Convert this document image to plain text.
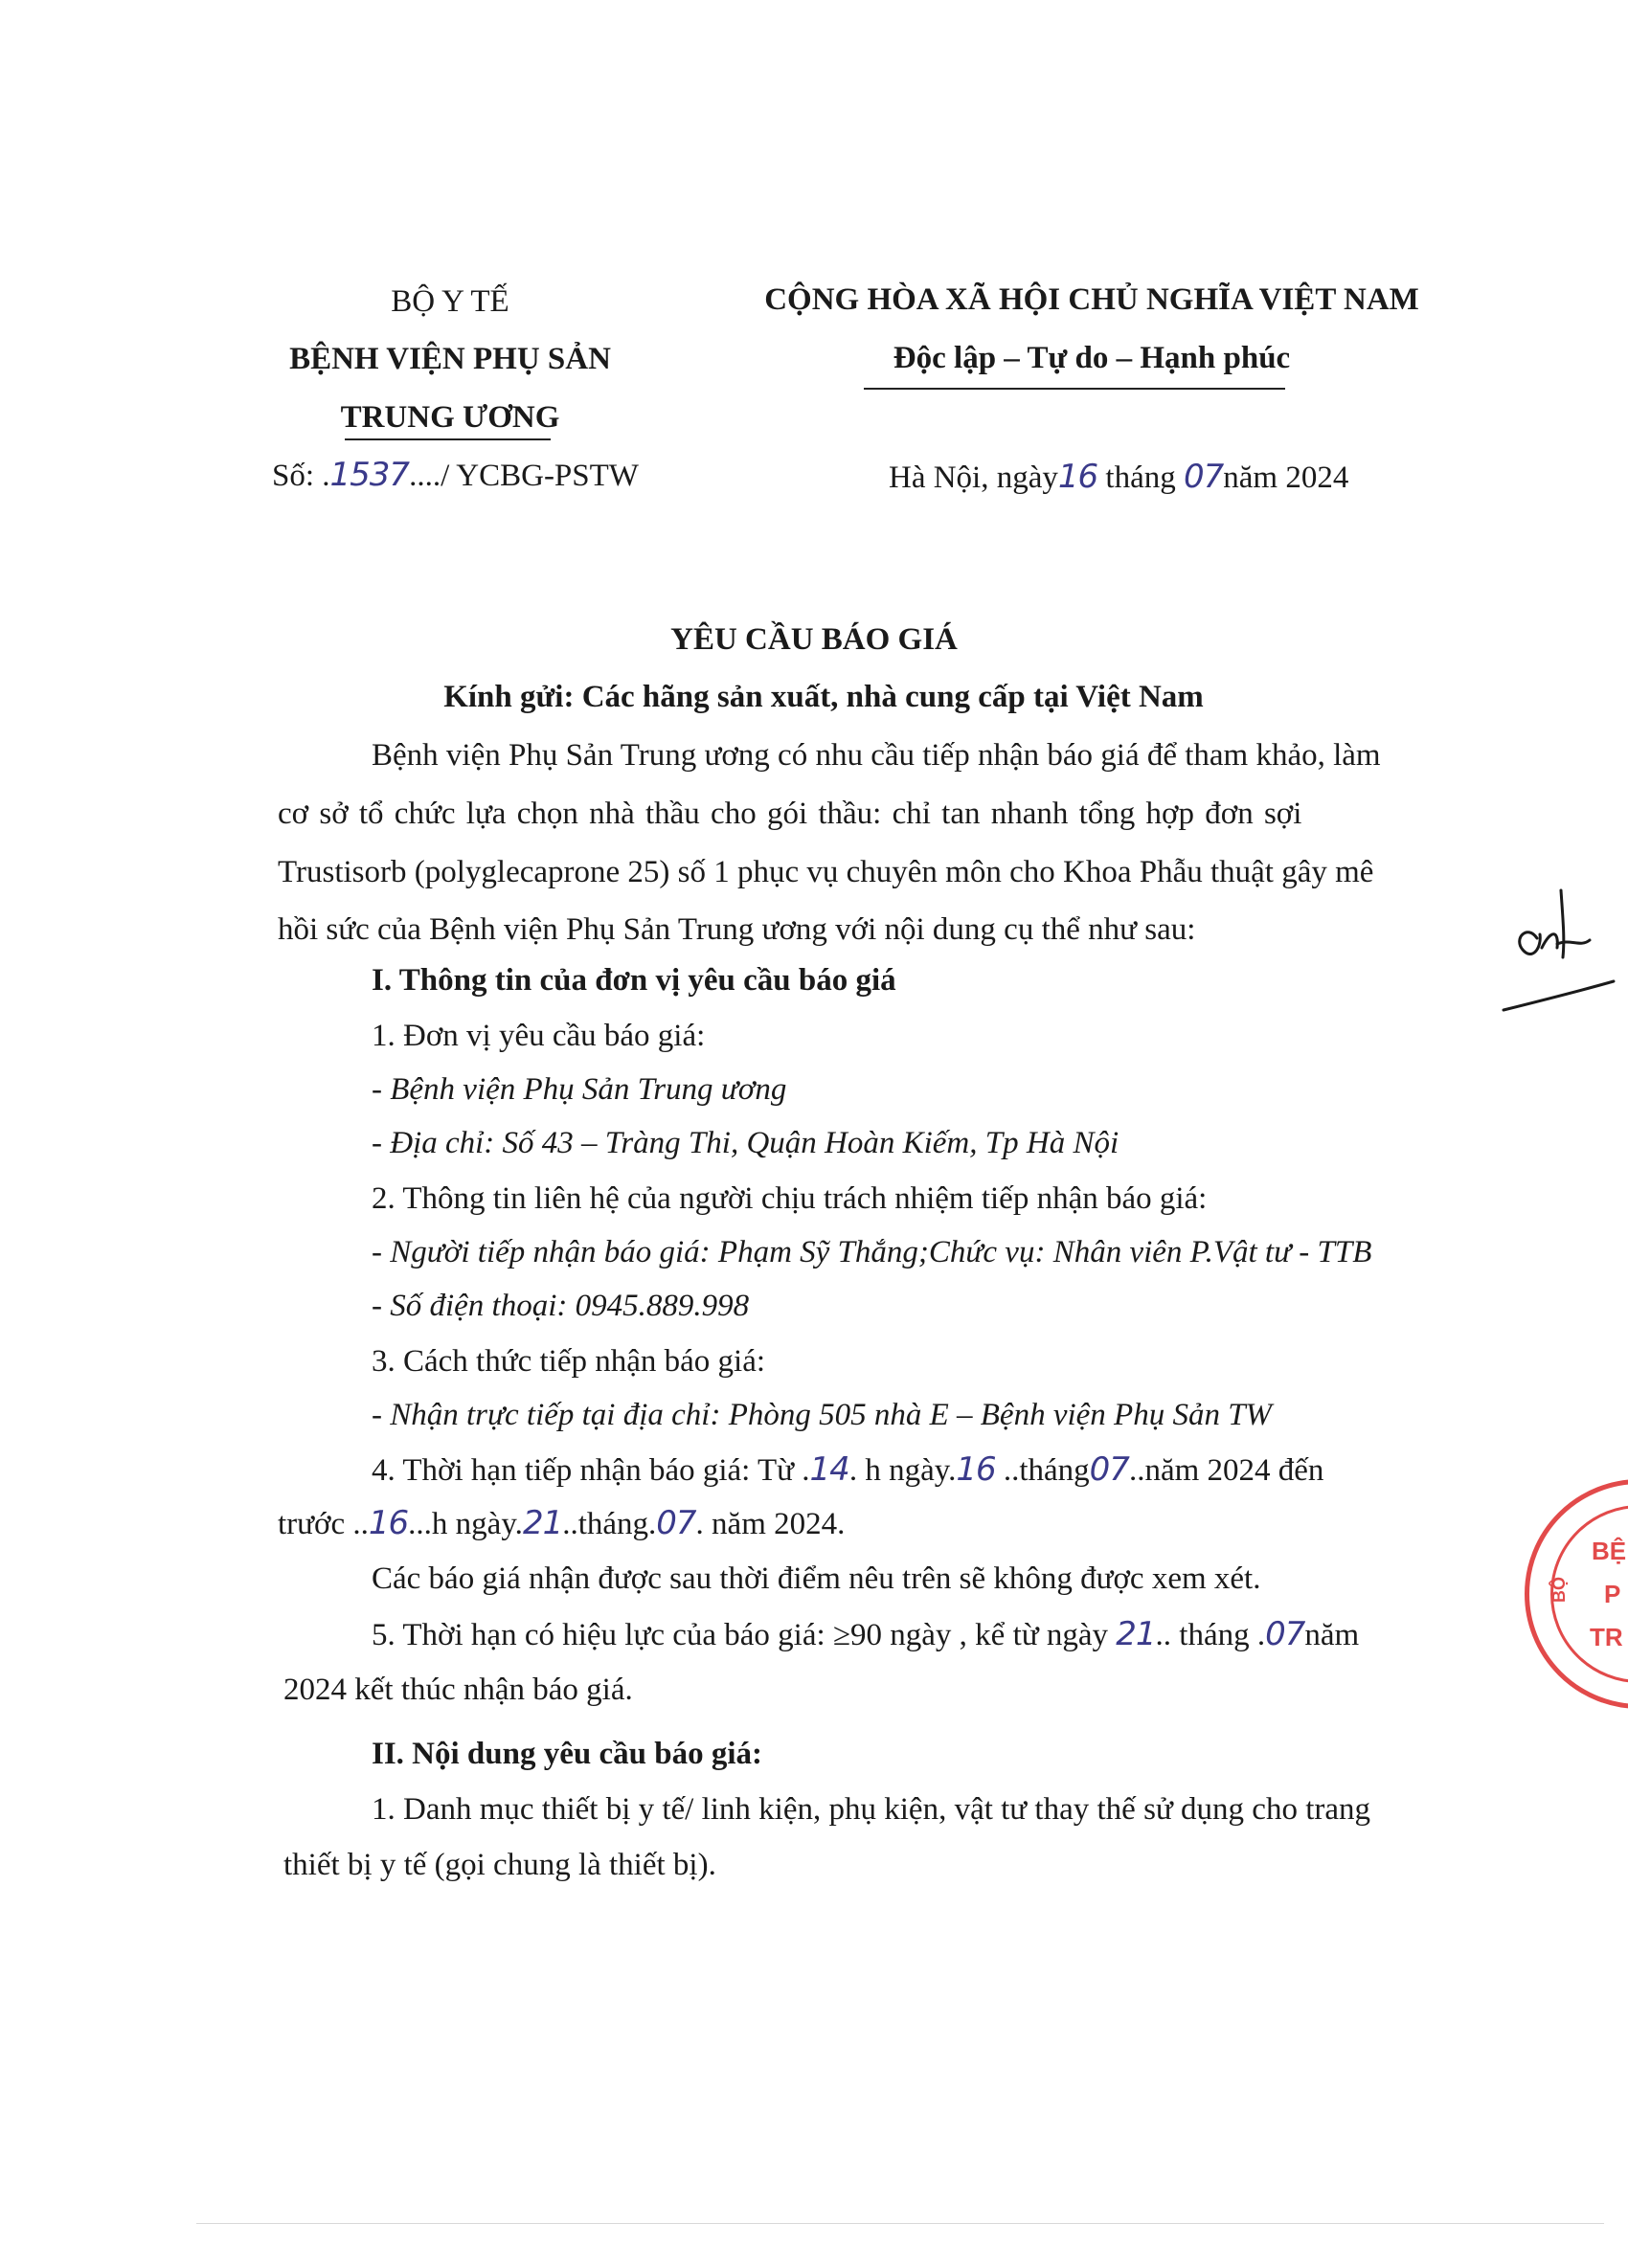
BỘ Y TẾ
BỆNH VIỆN PHỤ SẢN
TRUNG ƯƠNG
Số: .1537..../ YCBG-PSTW
CỘNG HÒA XÃ HỘI CHỦ NGHĨA VIỆT NAM
Độc lập – Tự do – Hạnh phúc
Hà Nội, ngày16 tháng 07năm 2024
YÊU CẦU BÁO GIÁ
Kính gửi: Các hãng sản xuất, nhà cung cấp tại Việt Nam
Bệnh viện Phụ Sản Trung ương có nhu cầu tiếp nhận báo giá để tham khảo, làm
cơ sở tổ chức lựa chọn nhà thầu cho gói thầu: chỉ tan nhanh tổng hợp đơn sợi
Trustisorb (polyglecaprone 25) số 1 phục vụ chuyên môn cho Khoa Phẫu thuật gây mê
hồi sức của Bệnh viện Phụ Sản Trung ương với nội dung cụ thể như sau:
I. Thông tin của đơn vị yêu cầu báo giá
1. Đơn vị yêu cầu báo giá:
- Bệnh viện Phụ Sản Trung ương
- Địa chỉ: Số 43 – Tràng Thi, Quận Hoàn Kiếm, Tp Hà Nội
2. Thông tin liên hệ của người chịu trách nhiệm tiếp nhận báo giá:
- Người tiếp nhận báo giá: Phạm Sỹ Thắng;Chức vụ: Nhân viên P.Vật tư - TTB
- Số điện thoại: 0945.889.998
3. Cách thức tiếp nhận báo giá:
- Nhận trực tiếp tại địa chỉ: Phòng 505 nhà E – Bệnh viện Phụ Sản TW
4. Thời hạn tiếp nhận báo giá: Từ .14. h ngày.16 ..tháng07..năm 2024 đến
trước ..16...h ngày.21..tháng.07. năm 2024.
Các báo giá nhận được sau thời điểm nêu trên sẽ không được xem xét.
5. Thời hạn có hiệu lực của báo giá: ≥90 ngày , kể từ ngày 21.. tháng .07năm
2024 kết thúc nhận báo giá.
II. Nội dung yêu cầu báo giá:
1. Danh mục thiết bị y tế/ linh kiện, phụ kiện, vật tư thay thế sử dụng cho trang
thiết bị y tế (gọi chung là thiết bị).
BỆ
P
TR
BỘ
